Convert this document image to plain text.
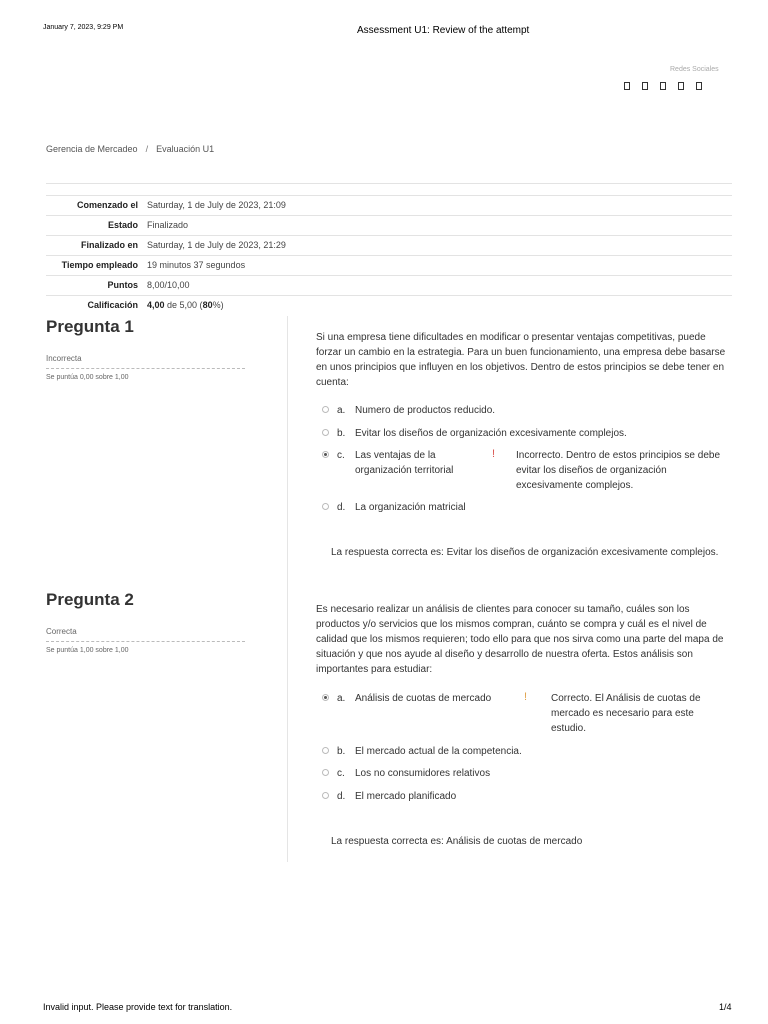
January 7, 2023, 9:29 PM	Assessment U1: Review of the attempt
Redes Sociales
Gerencia de Mercadeo / Evaluación U1
Comenzado el	Saturday, 1 de July de 2023, 21:09
Estado	Finalizado
Finalizado en	Saturday, 1 de July de 2023, 21:29
Tiempo empleado	19 minutos 37 segundos
Puntos	8,00/10,00
Calificación	4,00 de 5,00 (80%)
Pregunta 1
Incorrecta
Se puntúa 0,00 sobre 1,00
Si una empresa tiene dificultades en modificar o presentar ventajas competitivas, puede forzar un cambio en la estrategia. Para un buen funcionamiento, una empresa debe basarse en unos principios que influyen en los objetivos. Dentro de estos principios se debe tener en cuenta:
a. Numero de productos reducido.
b. Evitar los diseños de organización excesivamente complejos.
c.	Las ventajas de la organización territorial
! Incorrecto. Dentro de estos principios se debe evitar los diseños de organización excesivamente complejos.
d. La organización matricial
La respuesta correcta es: Evitar los diseños de organización excesivamente complejos.
Pregunta 2
Correcta
Se puntúa 1,00 sobre 1,00
Es necesario realizar un análisis de clientes para conocer su tamaño, cuáles son los productos y/o servicios que los mismos compran, cuánto se compra y cuál es el nivel de calidad que los mismos requieren; todo ello para que nos sirva como una parte del mapa de situación y que nos ayude al diseño y desarrollo de nuestra oferta. Estos análisis son importantes para estudiar:
a. Análisis de cuotas de mercado	! Correcto. El Análisis de cuotas de mercado es necesario para este estudio.
b. El mercado actual de la competencia.
c.	Los no consumidores relativos
d. El mercado planificado
La respuesta correcta es: Análisis de cuotas de mercado
Invalid input. Please provide text for translation.	1/4
